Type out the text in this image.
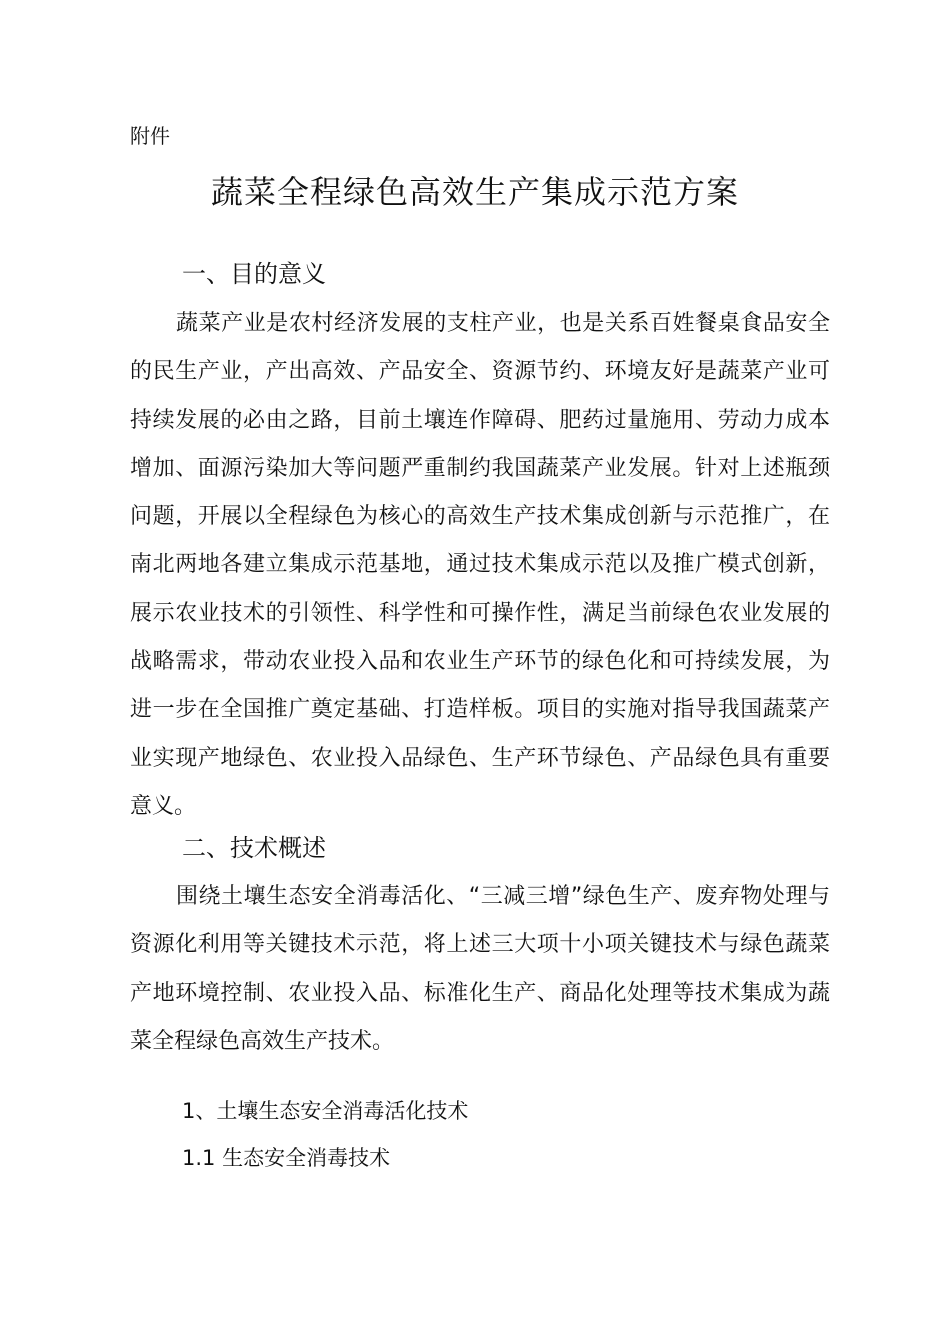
附件
蔬菜全程绿色高效生产集成示范方案
一、目的意义

蔬菜产业是农村经济发展的支柱产业，也是关系百姓餐桌食品安全的民生产业，产出高效、产品安全、资源节约、环境友好是蔬菜产业可持续发展的必由之路，目前土壤连作障碍、肥药过量施用、劳动力成本增加、面源污染加大等问题严重制约我国蔬菜产业发展。针对上述瓶颈问题，开展以全程绿色为核心的高效生产技术集成创新与示范推广，在南北两地各建立集成示范基地，通过技术集成示范以及推广模式创新，展示农业技术的引领性、科学性和可操作性，满足当前绿色农业发展的战略需求，带动农业投入品和农业生产环节的绿色化和可持续发展，为进一步在全国推广奠定基础、打造样板。项目的实施对指导我国蔬菜产业实现产地绿色、农业投入品绿色、生产环节绿色、产品绿色具有重要意义。

二、技术概述

围绕土壤生态安全消毒活化、“三减三增”绿色生产、废弃物处理与资源化利用等关键技术示范，将上述三大项十小项关键技术与绿色蔬菜产地环境控制、农业投入品、标准化生产、商品化处理等技术集成为蔬菜全程绿色高效生产技术。

1、土壤生态安全消毒活化技术
1.1 生态安全消毒技术
